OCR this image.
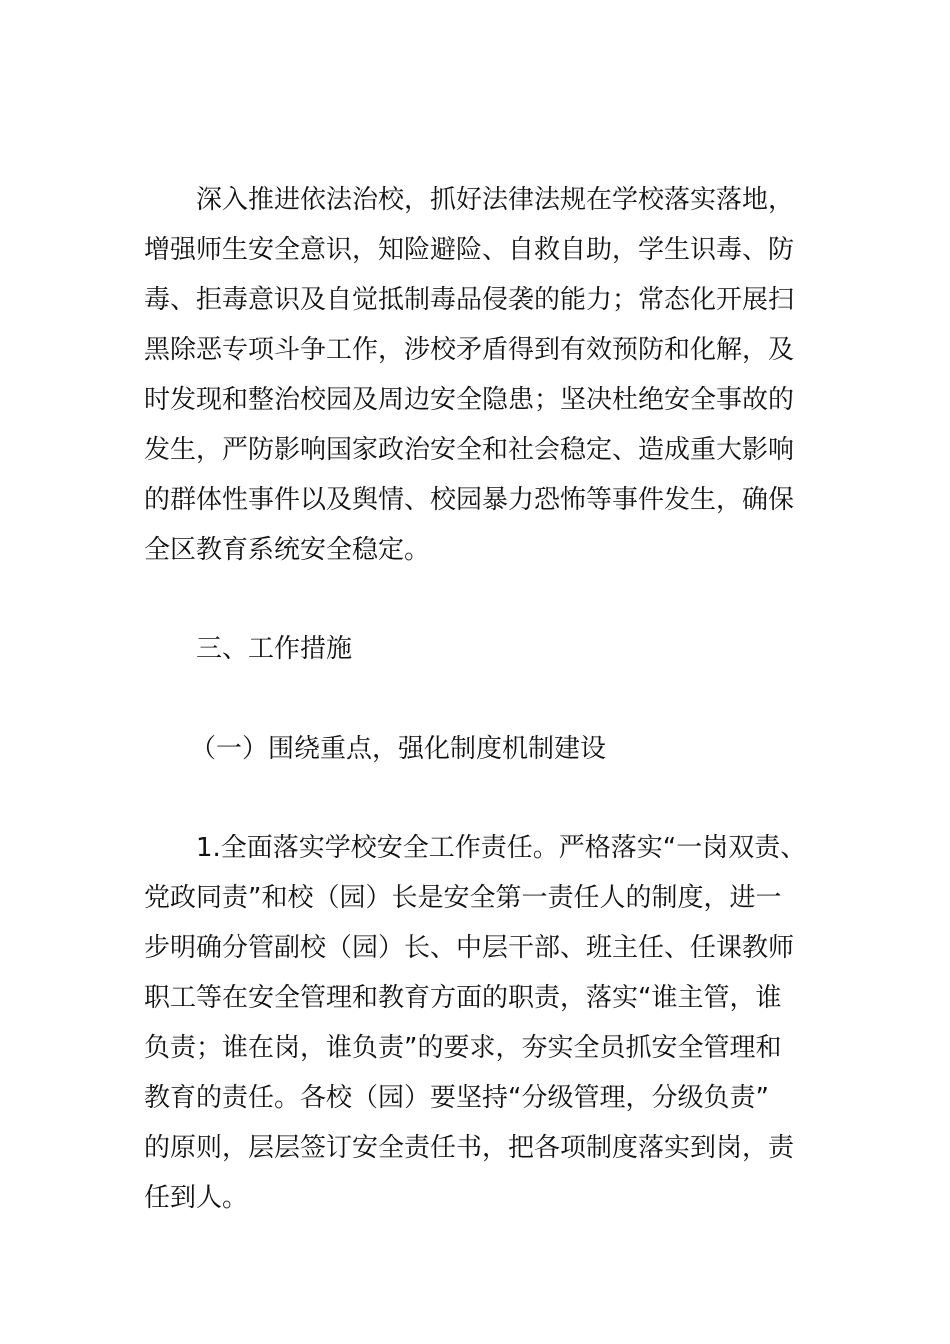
深入推进依法治校，抓好法律法规在学校落实落地，
增强师生安全意识，知险避险、自救自助，学生识毒、防
毒、拒毒意识及自觉抵制毒品侵袭的能力；常态化开展扫
黑除恶专项斗争工作，涉校矛盾得到有效预防和化解，及
时发现和整治校园及周边安全隐患；坚决杜绝安全事故的
发生，严防影响国家政治安全和社会稳定、造成重大影响
的群体性事件以及舆情、校园暴力恐怖等事件发生，确保
全区教育系统安全稳定。
三、工作措施
（一）围绕重点，强化制度机制建设
1.全面落实学校安全工作责任。严格落实“一岗双责、
党政同责”和校（园）长是安全第一责任人的制度，进一
步明确分管副校（园）长、中层干部、班主任、任课教师
职工等在安全管理和教育方面的职责，落实“谁主管，谁
负责；谁在岗，谁负责”的要求，夯实全员抓安全管理和
教育的责任。各校（园）要坚持“分级管理，分级负责”
的原则，层层签订安全责任书，把各项制度落实到岗，责
任到人。
